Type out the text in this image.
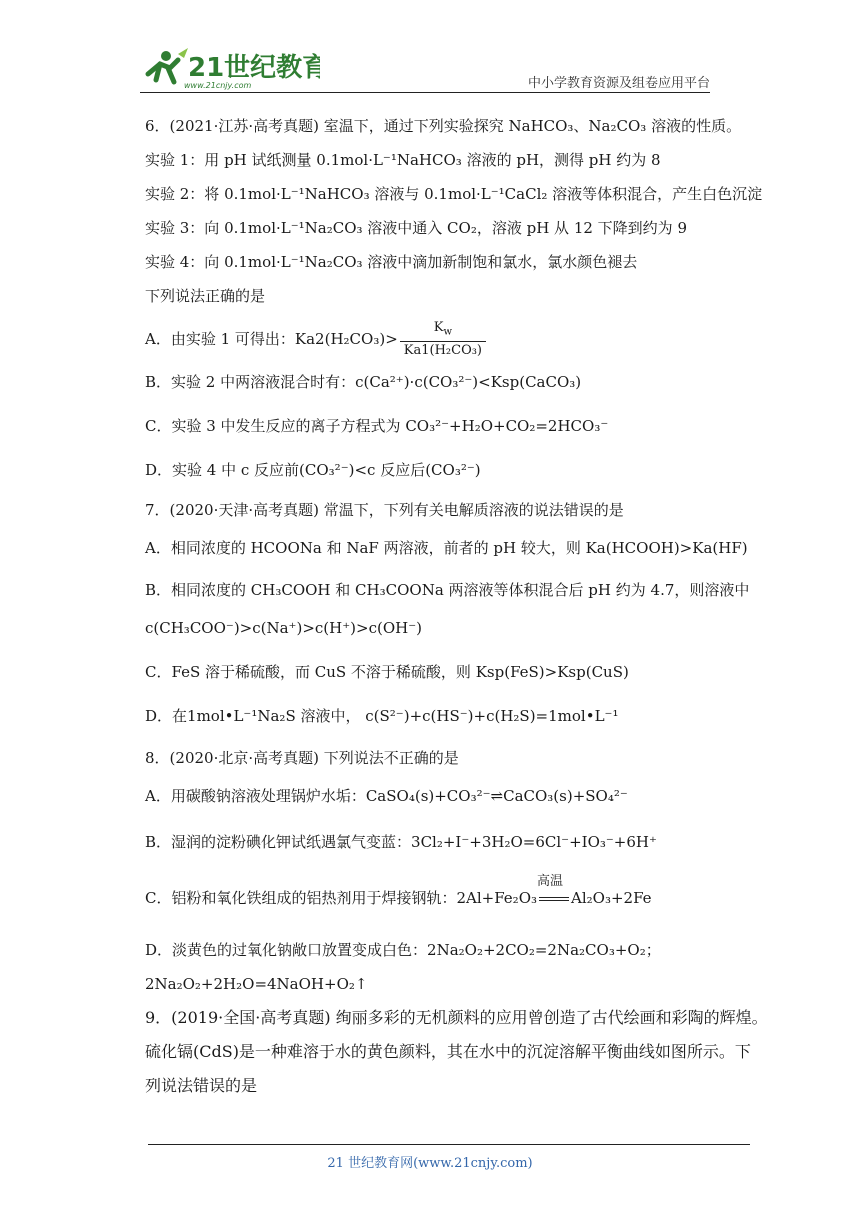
21世纪教育
www.21cnjy.com	中小学教育资源及组卷应用平台
6．(2021·江苏·高考真题) 室温下，通过下列实验探究 NaHCO₃、Na₂CO₃ 溶液的性质。
实验 1：用 pH 试纸测量 0.1mol·L⁻¹NaHCO₃ 溶液的 pH，测得 pH 约为 8
实验 2：将 0.1mol·L⁻¹NaHCO₃ 溶液与 0.1mol·L⁻¹CaCl₂ 溶液等体积混合，产生白色沉淀
实验 3：向 0.1mol·L⁻¹Na₂CO₃ 溶液中通入 CO₂，溶液 pH 从 12 下降到约为 9
实验 4：向 0.1mol·L⁻¹Na₂CO₃ 溶液中滴加新制饱和氯水，氯水颜色褪去
下列说法正确的是
A．由实验 1 可得出：$Ka2(H_2CO_3)> \frac{K_w}{\text{Ka1(H₂CO₃)}}$
B．实验 2 中两溶液混合时有：c(Ca²⁺)·c(CO₃²⁻)<Ksp(CaCO₃)
C．实验 3 中发生反应的离子方程式为 CO₃²⁻+H₂O+CO₂=2HCO₃⁻
D．实验 4 中 c 反应前(CO₃²⁻)<c 反应后(CO₃²⁻)
7．(2020·天津·高考真题) 常温下，下列有关电解质溶液的说法错误的是
A．相同浓度的 HCOONa 和 NaF 两溶液，前者的 pH 较大，则 Ka(HCOOH)>Ka(HF)
B．相同浓度的 CH₃COOH 和 CH₃COONa 两溶液等体积混合后 pH 约为 4.7，则溶液中
c(CH₃COO⁻)>c(Na⁺)>c(H⁺)>c(OH⁻)
C．FeS 溶于稀硫酸，而 CuS 不溶于稀硫酸，则 Ksp(FeS)>Ksp(CuS)
D．在1mol•L⁻¹Na₂S 溶液中， c(S²⁻)+c(HS⁻)+c(H₂S)=1mol•L⁻¹
8．(2020·北京·高考真题) 下列说法不正确的是
A．用碳酸钠溶液处理锅炉水垢：CaSO₄(s)+CO₃²⁻⇌CaCO₃(s)+SO₄²⁻
B．湿润的淀粉碘化钾试纸遇氯气变蓝：3Cl₂+I⁻+3H₂O=6Cl⁻+IO₃⁻+6H⁺
C．铝粉和氧化铁组成的铝热剂用于焊接钢轨：2Al+Fe₂O₃
高温
Al₂O₃+2Fe
D．淡黄色的过氧化钠敞口放置变成白色：2Na₂O₂+2CO₂=2Na₂CO₃+O₂；
2Na₂O₂+2H₂O=4NaOH+O₂↑
9．(2019·全国·高考真题) 绚丽多彩的无机颜料的应用曾创造了古代绘画和彩陶的辉煌。
硫化镉(CdS)是一种难溶于水的黄色颜料，其在水中的沉淀溶解平衡曲线如图所示。下
列说法错误的是
21 世纪教育网(www.21cnjy.com)
